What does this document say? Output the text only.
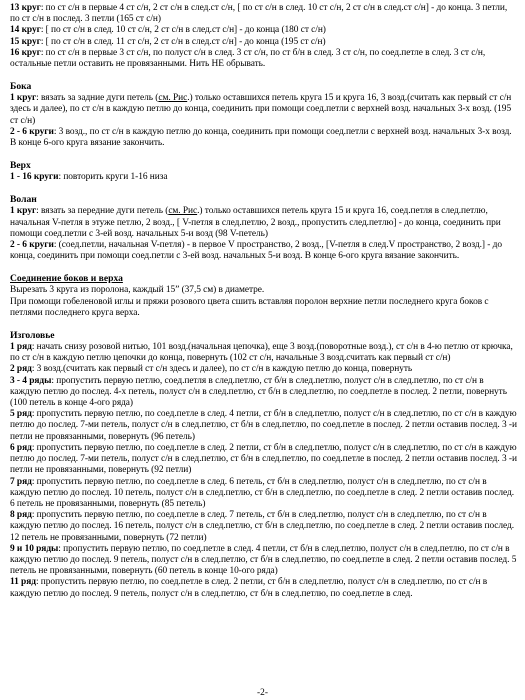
13 круг: по ст с/н в первые 4 ст с/н, 2 ст с/н в след.ст с/н, [ по ст с/н в след. 10 ст с/н, 2 ст с/н в след.ст с/н] - до конца. 3 петли, по ст с/н в послед. 3 петли (165 ст с/н)

14 круг: [ по ст с/н в след. 10 ст с/н, 2 ст с/н в след.ст с/н] - до конца (180 ст с/н)

15 круг: [ по ст с/н в след. 11 ст с/н, 2 ст с/н в след.ст с/н] - до конца (195 ст с/н)

16 круг: по ст с/н в первые 3 ст с/н, по полуст с/н в след. 3 ст с/н, по ст б/н в след. 3 ст с/н, по соед.петле в след. 3 ст с/н, остальные петли оставить не провязанными. Нить НЕ обрывать.

Бока

1 круг: вязать за задние дуги петель (см. Рис.) только оставшихся петель круга 15 и круга 16, 3 возд.(считать как первый ст с/н здесь и далее), по ст с/н в каждую петлю до конца, соединить при помощи соед.петли с верхней возд. начальных 3-х возд. (195 ст с/н)

2 - 6 круги: 3 возд., по ст с/н в каждую петлю до конца, соединить при помощи соед.петли с верхней возд. начальных 3-х возд. В конце 6-ого круга вязание закончить.

Верх

1 - 16 круги: повторить круги 1-16 низа

Волан

1 круг: вязать за передние дуги петель (см. Рис.) только оставшихся петель круга 15 и круга 16, соед.петля в след.петлю, начальная V-петля в этуже петлю, 2 возд., [ V-петля в след.петлю, 2 возд., пропустить след.петлю] - до конца, соединить при помощи соед.петли с 3-ей возд. начальных 5-и возд (98 V-петель)

2 - 6 круги: (соед.петли, начальная V-петля) - в первое V пространство, 2 возд., [V-петля в след.V пространство, 2 возд.] - до конца, соединить при помощи соед.петли с 3-ей возд. начальных 5-и возд. В конце 6-ого круга вязание закончить.

Соединение боков и верха

Вырезать 3 круга из поролона, каждый 15” (37,5 см) в диаметре.

При помощи гобеленовой иглы и пряжи розового цвета сшить вставляя поролон верхние петли последнего круга боков с петлями последнего круга верха.

Изголовье

1 ряд: начать снизу розовой нитью, 101 возд.(начальная цепочка), еще 3 возд.(поворотные возд.), ст с/н в 4-ю петлю от крючка, по ст с/н в каждую петлю цепочки до конца, повернуть (102 ст с/н, начальные 3 возд.считать как первый ст с/н)

2 ряд: 3 возд.(считать как первый ст с/н здесь и далее), по ст с/н в каждую петлю до конца, повернуть

3 - 4 ряды: пропустить первую петлю, соед.петля в след.петлю, ст б/н в след.петлю, полуст с/н в след.петлю, по ст с/н в каждую петлю до послед. 4-х петель, полуст с/н в след.петлю, ст б/н в след.петлю, по соед.петле в послед. 2 петли, повернуть (100 петель в конце 4-ого ряда)

5 ряд: пропустить первую петлю, по соед.петле в след. 4 петли, ст б/н в след.петлю, полуст с/н в след.петлю, по ст с/н в каждую петлю до послед. 7-ми петель, полуст с/н в след.петлю, ст б/н в след.петлю, по соед.петле в послед. 2 петли оставив послед. 3 -и петли не провязанными, повернуть (96 петель)

6 ряд: пропустить первую петлю, по соед.петле в след. 2 петли, ст б/н в след.петлю, полуст с/н в след.петлю, по ст с/н в каждую петлю до послед. 7-ми петель, полуст с/н в след.петлю, ст б/н в след.петлю, по соед.петле в послед. 2 петли оставив послед. 3 -и петли не провязанными, повернуть (92 петли)

7 ряд: пропустить первую петлю, по соед.петле в след. 6 петель, ст б/н в след.петлю, полуст с/н в след.петлю, по ст с/н в каждую петлю до послед. 10 петель, полуст с/н в след.петлю, ст б/н в след.петлю, по соед.петле в след. 2 петли оставив послед. 6 петель не провязанными, повернуть (85 петель)

8 ряд: пропустить первую петлю, по соед.петле в след. 7 петель, ст б/н в след.петлю, полуст с/н в след.петлю, по ст с/н в каждую петлю до послед. 16 петель, полуст с/н в след.петлю, ст б/н в след.петлю, по соед.петле в след. 2 петли оставив послед. 12 петель не провязанными, повернуть (72 петли)

9 и 10 ряды: пропустить первую петлю, по соед.петле в след. 4 петли, ст б/н в след.петлю, полуст с/н в след.петлю, по ст с/н в каждую петлю до послед. 9 петель, полуст с/н в след.петлю, ст б/н в след.петлю, по соед.петле в след. 2 петли оставив послед. 5 петель не провязанными, повернуть (60 петель в конце 10-ого ряда)

11 ряд: пропустить первую петлю, по соед.петле в след. 2 петли, ст б/н в след.петлю, полуст с/н в след.петлю, по ст с/н в каждую петлю до послед. 9 петель, полуст с/н в след.петлю, ст б/н в след.петлю, по соед.петле в след.

-2-
